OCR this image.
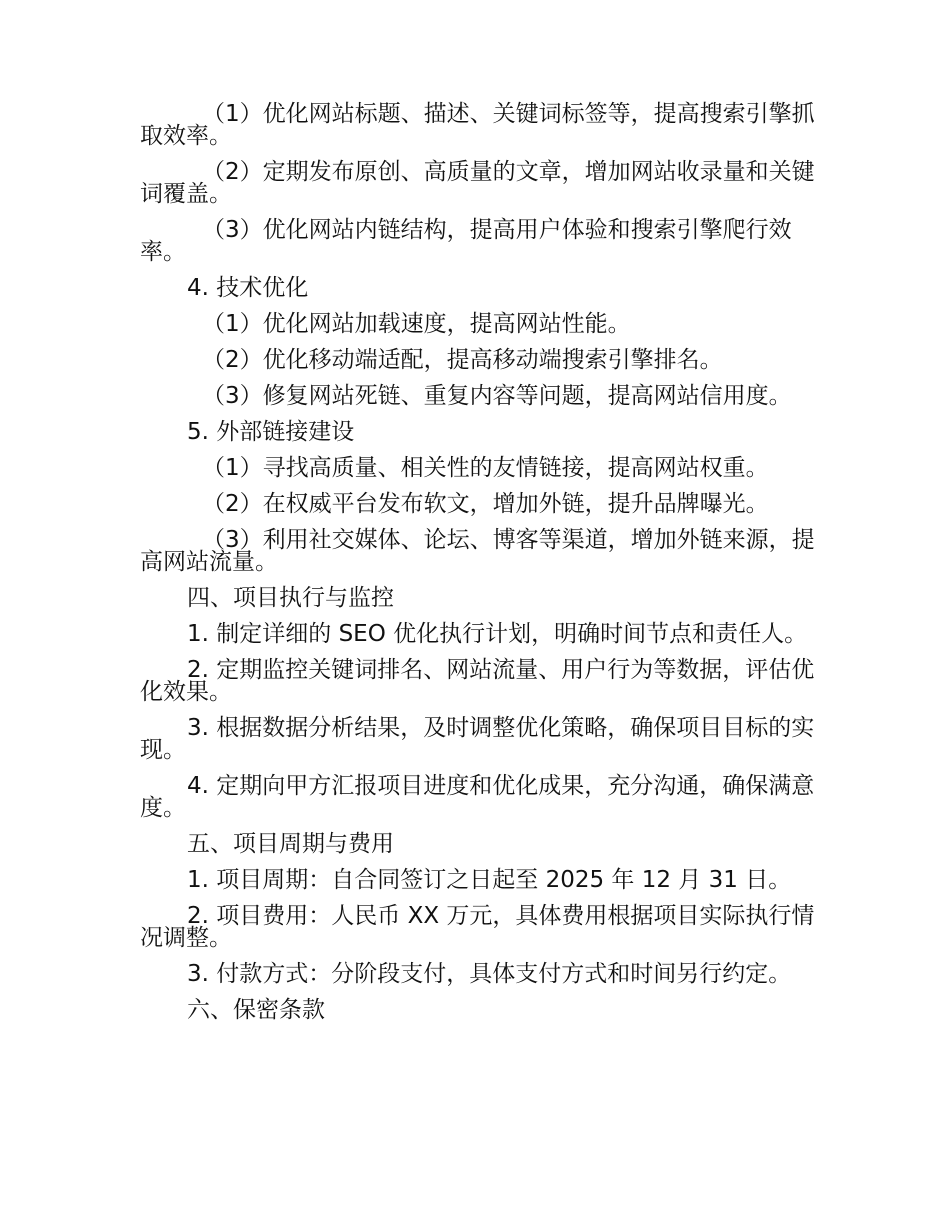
（1）优化网站标题、描述、关键词标签等，提高搜索引擎抓取效率。

（2）定期发布原创、高质量的文章，增加网站收录量和关键词覆盖。

（3）优化网站内链结构，提高用户体验和搜索引擎爬行效率。

4. 技术优化

（1）优化网站加载速度，提高网站性能。

（2）优化移动端适配，提高移动端搜索引擎排名。

（3）修复网站死链、重复内容等问题，提高网站信用度。

5. 外部链接建设

（1）寻找高质量、相关性的友情链接，提高网站权重。

（2）在权威平台发布软文，增加外链，提升品牌曝光。

（3）利用社交媒体、论坛、博客等渠道，增加外链来源，提高网站流量。

四、项目执行与监控

1. 制定详细的 SEO 优化执行计划，明确时间节点和责任人。

2. 定期监控关键词排名、网站流量、用户行为等数据，评估优化效果。

3. 根据数据分析结果，及时调整优化策略，确保项目目标的实现。

4. 定期向甲方汇报项目进度和优化成果，充分沟通，确保满意度。

五、项目周期与费用

1. 项目周期：自合同签订之日起至 2025 年 12 月 31 日。

2. 项目费用：人民币 XX 万元，具体费用根据项目实际执行情况调整。

3. 付款方式：分阶段支付，具体支付方式和时间另行约定。

六、保密条款
